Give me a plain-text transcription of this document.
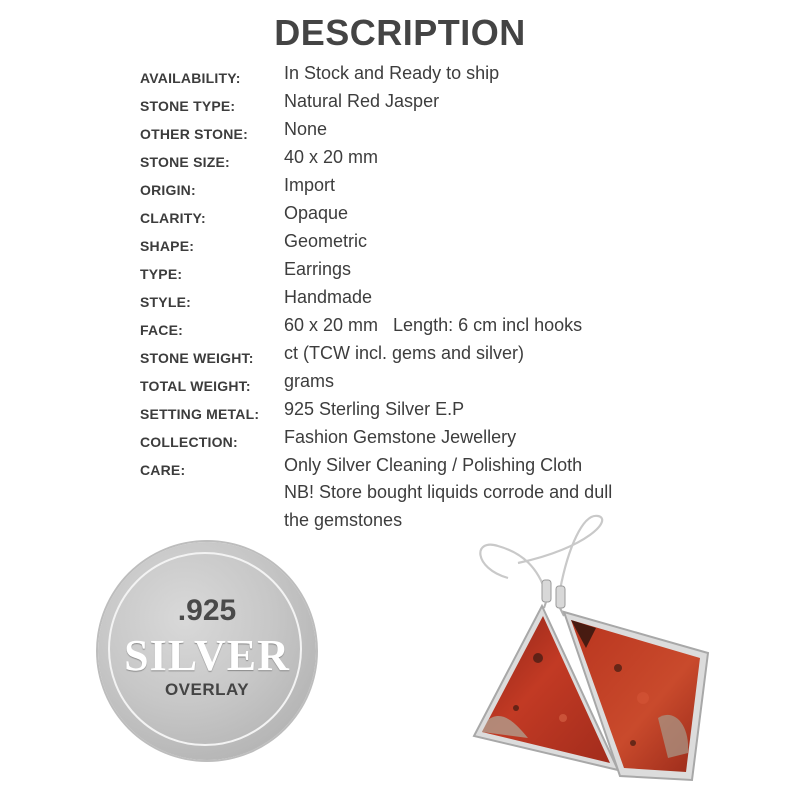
DESCRIPTION
AVAILABILITY: In Stock and Ready to ship
STONE TYPE:	Natural Red Jasper
OTHER STONE: None
STONE SIZE:	40 x 20 mm
ORIGIN:	Import
CLARITY:	Opaque
SHAPE:	Geometric
TYPE:	Earrings
STYLE:	Handmade
FACE:	60 x 20 mm   Length: 6 cm incl hooks
STONE WEIGHT: ct (TCW incl. gems and silver)
TOTAL WEIGHT: grams
SETTING METAL: 925 Sterling Silver E.P
COLLECTION:	Fashion Gemstone Jewellery
CARE:	Only Silver Cleaning / Polishing Cloth
NB! Store bought liquids corrode and dull
the gemstones
.925
SILVER
OVERLAY
